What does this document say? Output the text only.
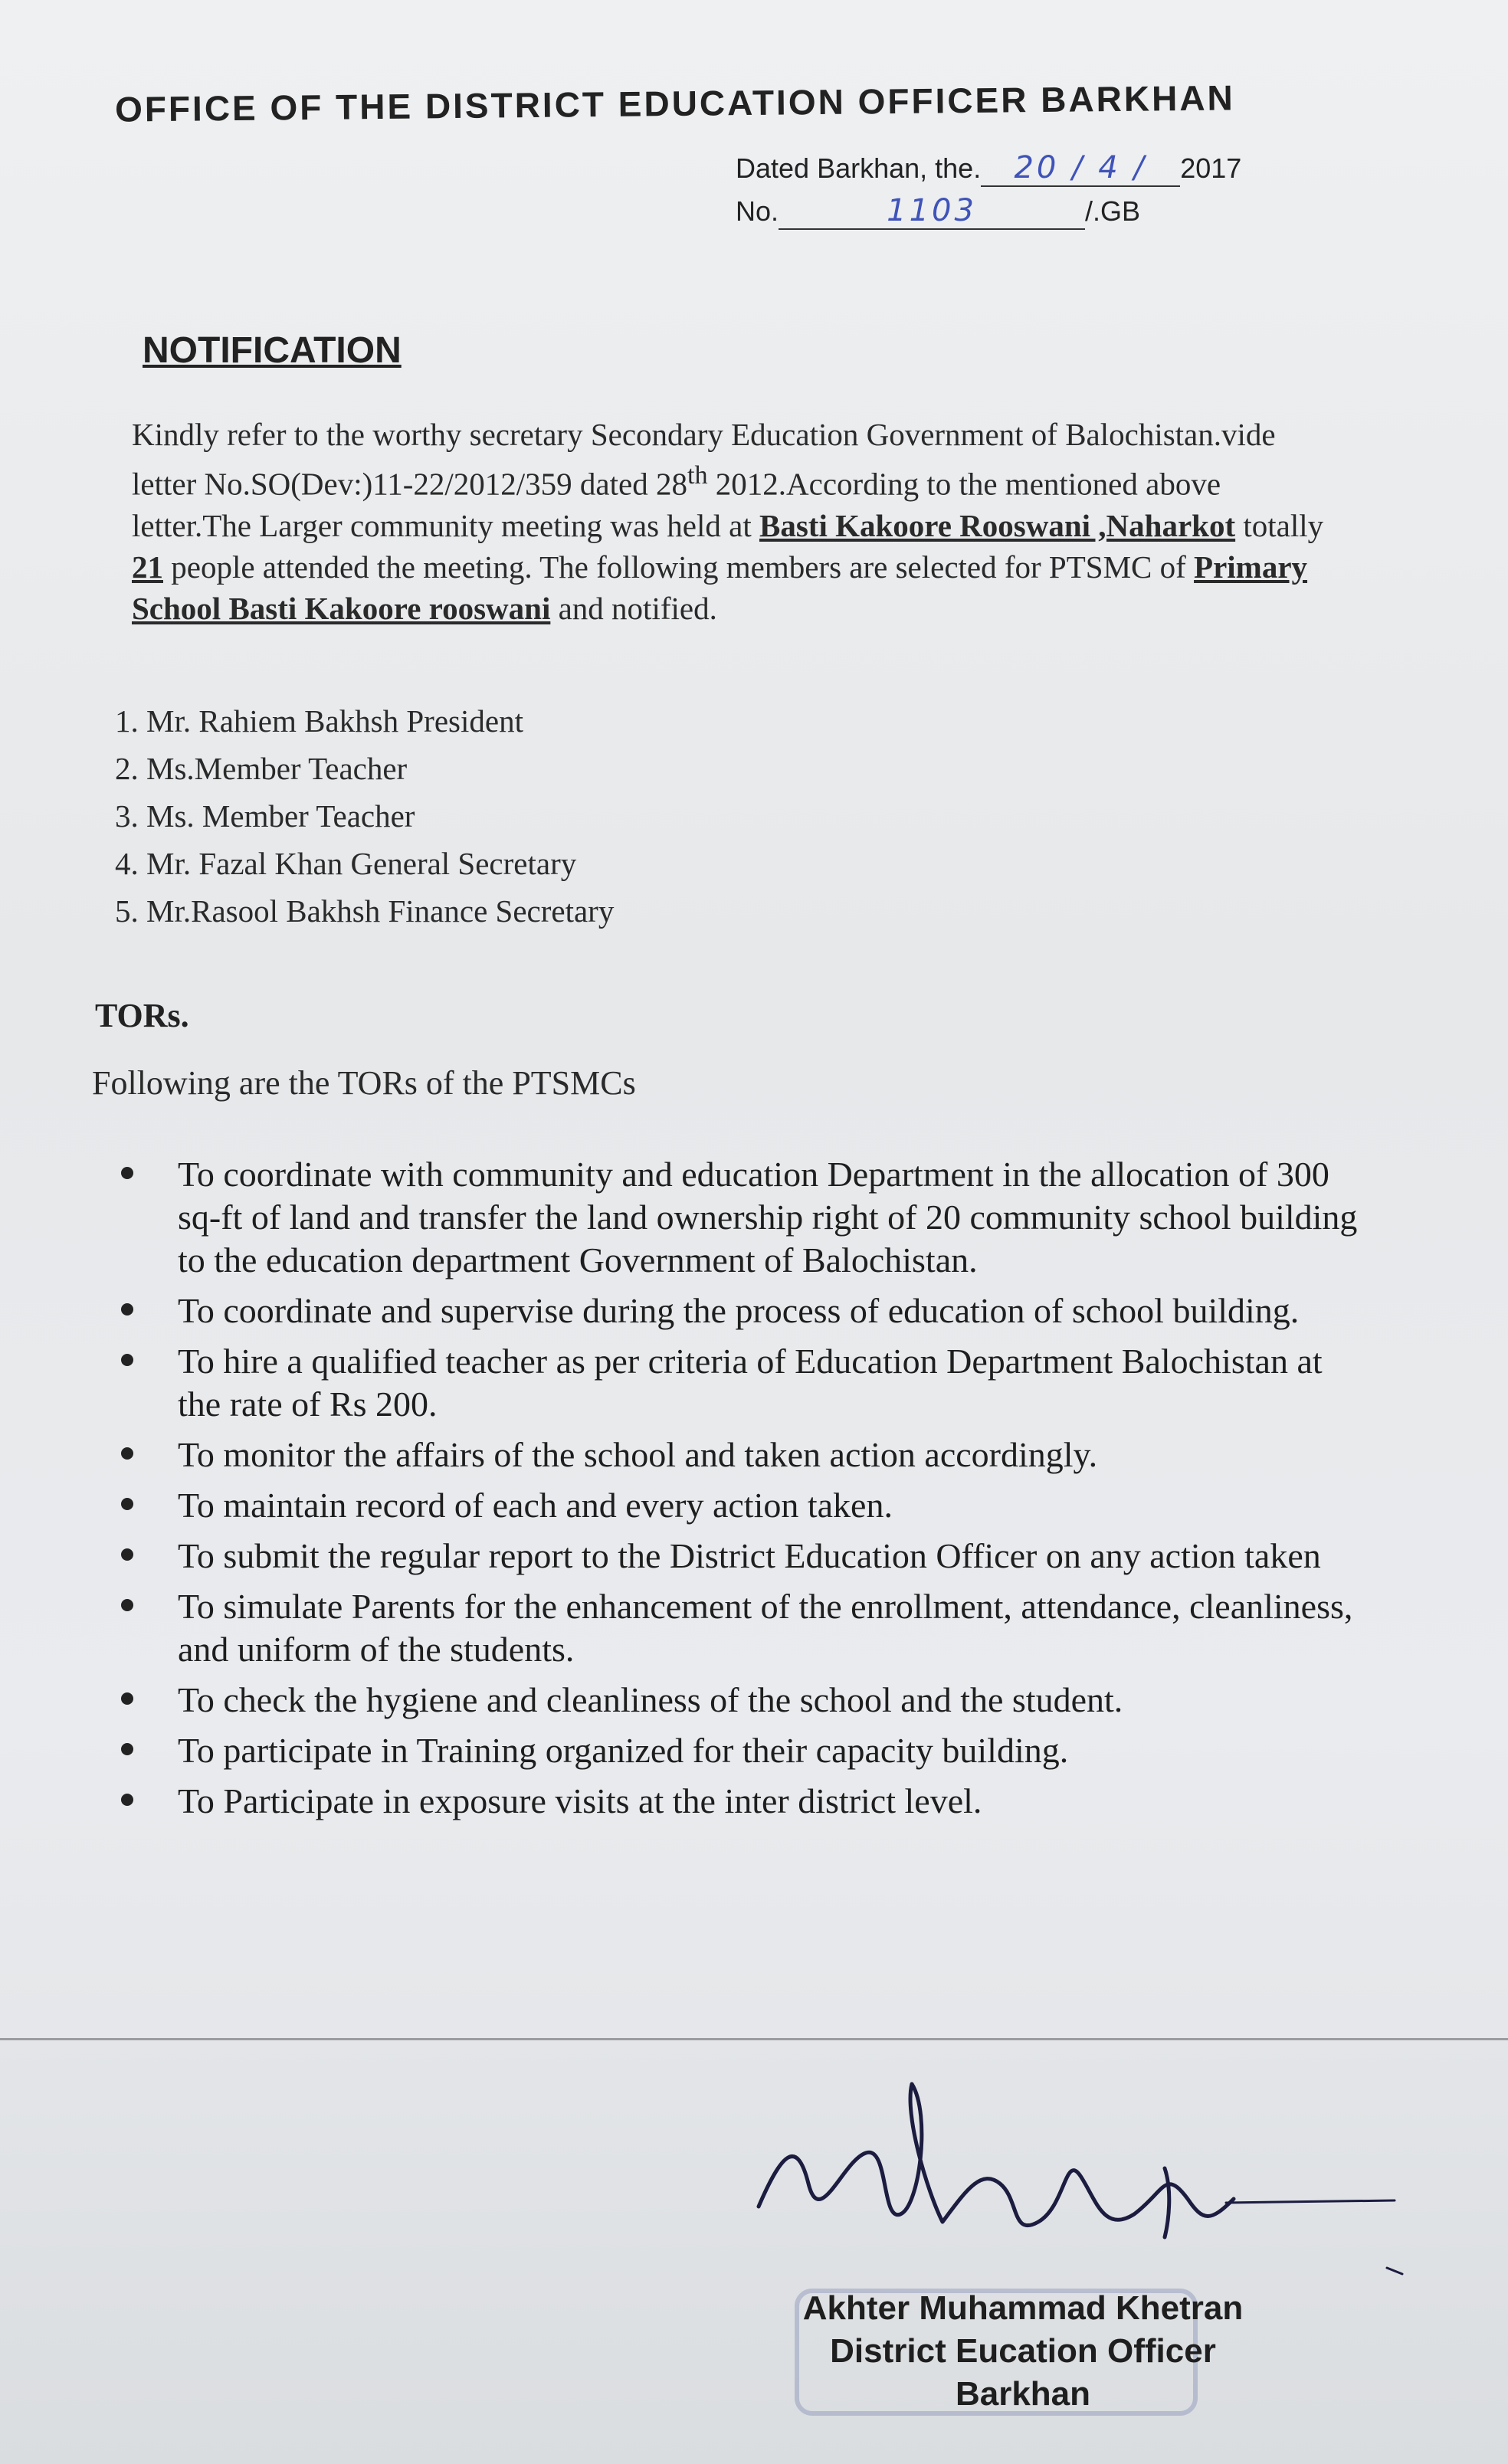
OFFICE OF THE DISTRICT EDUCATION OFFICER BARKHAN
Dated Barkhan, the. 20 / 4 / 2017
No.	1103	/.GB
NOTIFICATION
Kindly refer to the worthy secretary Secondary Education Government of Balochistan.vide letter No.SO(Dev:)11-22/2012/359 dated 28th 2012.According to the mentioned above letter.The Larger community meeting was held at Basti Kakoore Rooswani ,Naharkot totally 21 people attended the meeting. The following members are selected for PTSMC of Primary School Basti Kakoore rooswani and notified.
1. Mr. Rahiem Bakhsh President
2. Ms.Member Teacher
3. Ms. Member Teacher
4. Mr. Fazal Khan General Secretary
5. Mr.Rasool Bakhsh Finance Secretary
TORs.
Following are the TORs of the PTSMCs
To coordinate with community and education Department in the allocation of 300 sq-ft of land and transfer the land ownership right of 20 community school building to the education department Government of Balochistan.
To coordinate and supervise during the process of education of school building.
To hire a qualified teacher as per criteria of Education Department Balochistan at the rate of Rs 200.
To monitor the affairs of the school and taken action accordingly.
To maintain record of each and every action taken.
To submit the regular report to the District Education Officer on any action taken
To simulate Parents for the enhancement of the enrollment, attendance, cleanliness, and uniform of the students.
To check the hygiene and cleanliness of the school and the student.
To participate in Training organized for their capacity building.
To Participate in exposure visits at the inter district level.
Akhter Muhammad Khetran
District Eucation Officer
Barkhan
